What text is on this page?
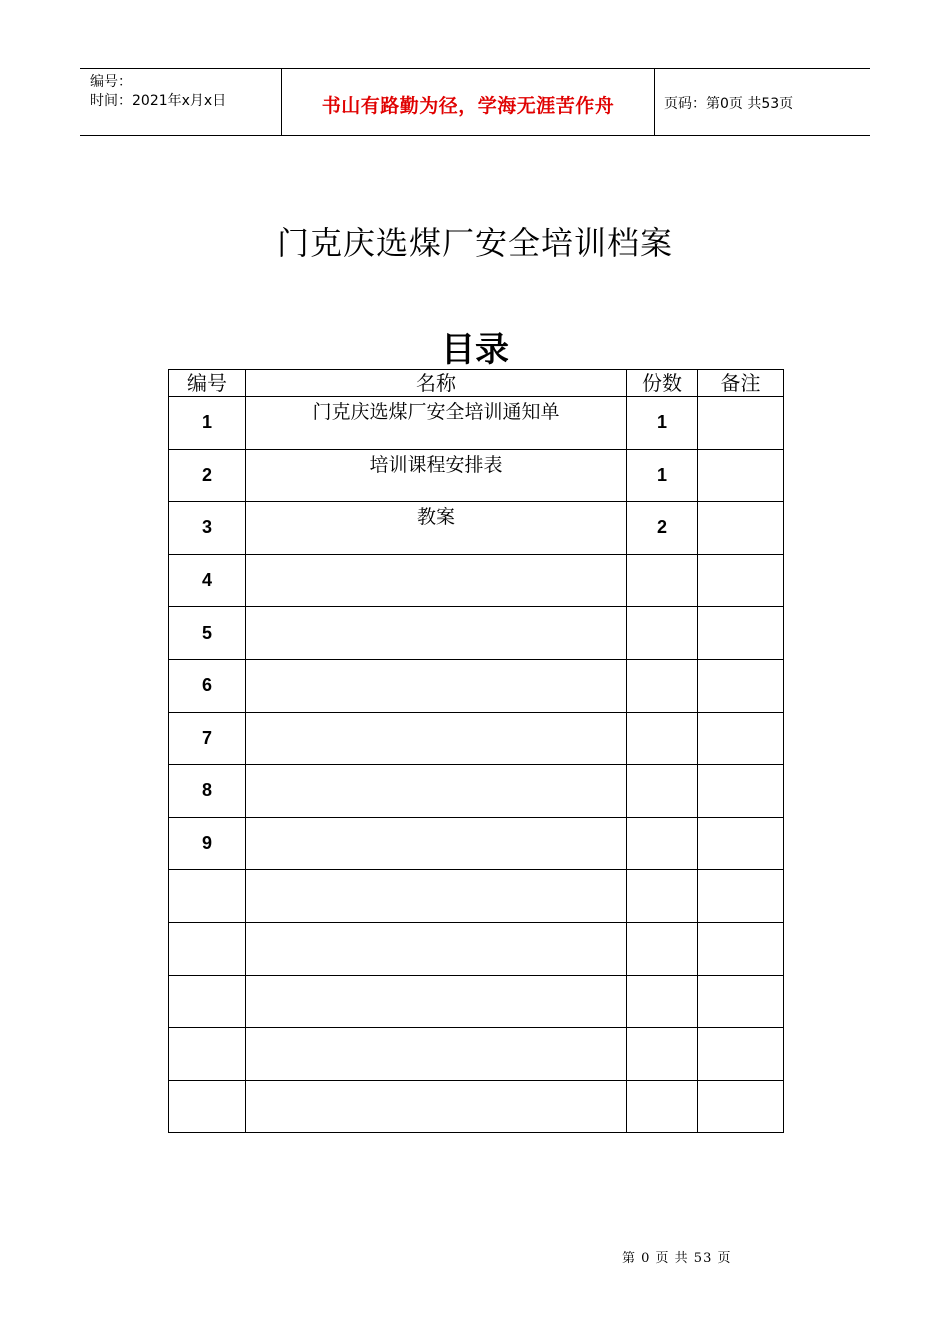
编号：
时间：2021年x月x日	书山有路勤为径，学海无涯苦作舟	页码：第0页 共53页
门克庆选煤厂安全培训档案
目录
编号	名称	份数	备注
1	门克庆选煤厂安全培训通知单	1	
2	培训课程安排表	1	
3	教案	2	
4			
5			
6			
7			
8			
9			

第 0 页 共 53 页
